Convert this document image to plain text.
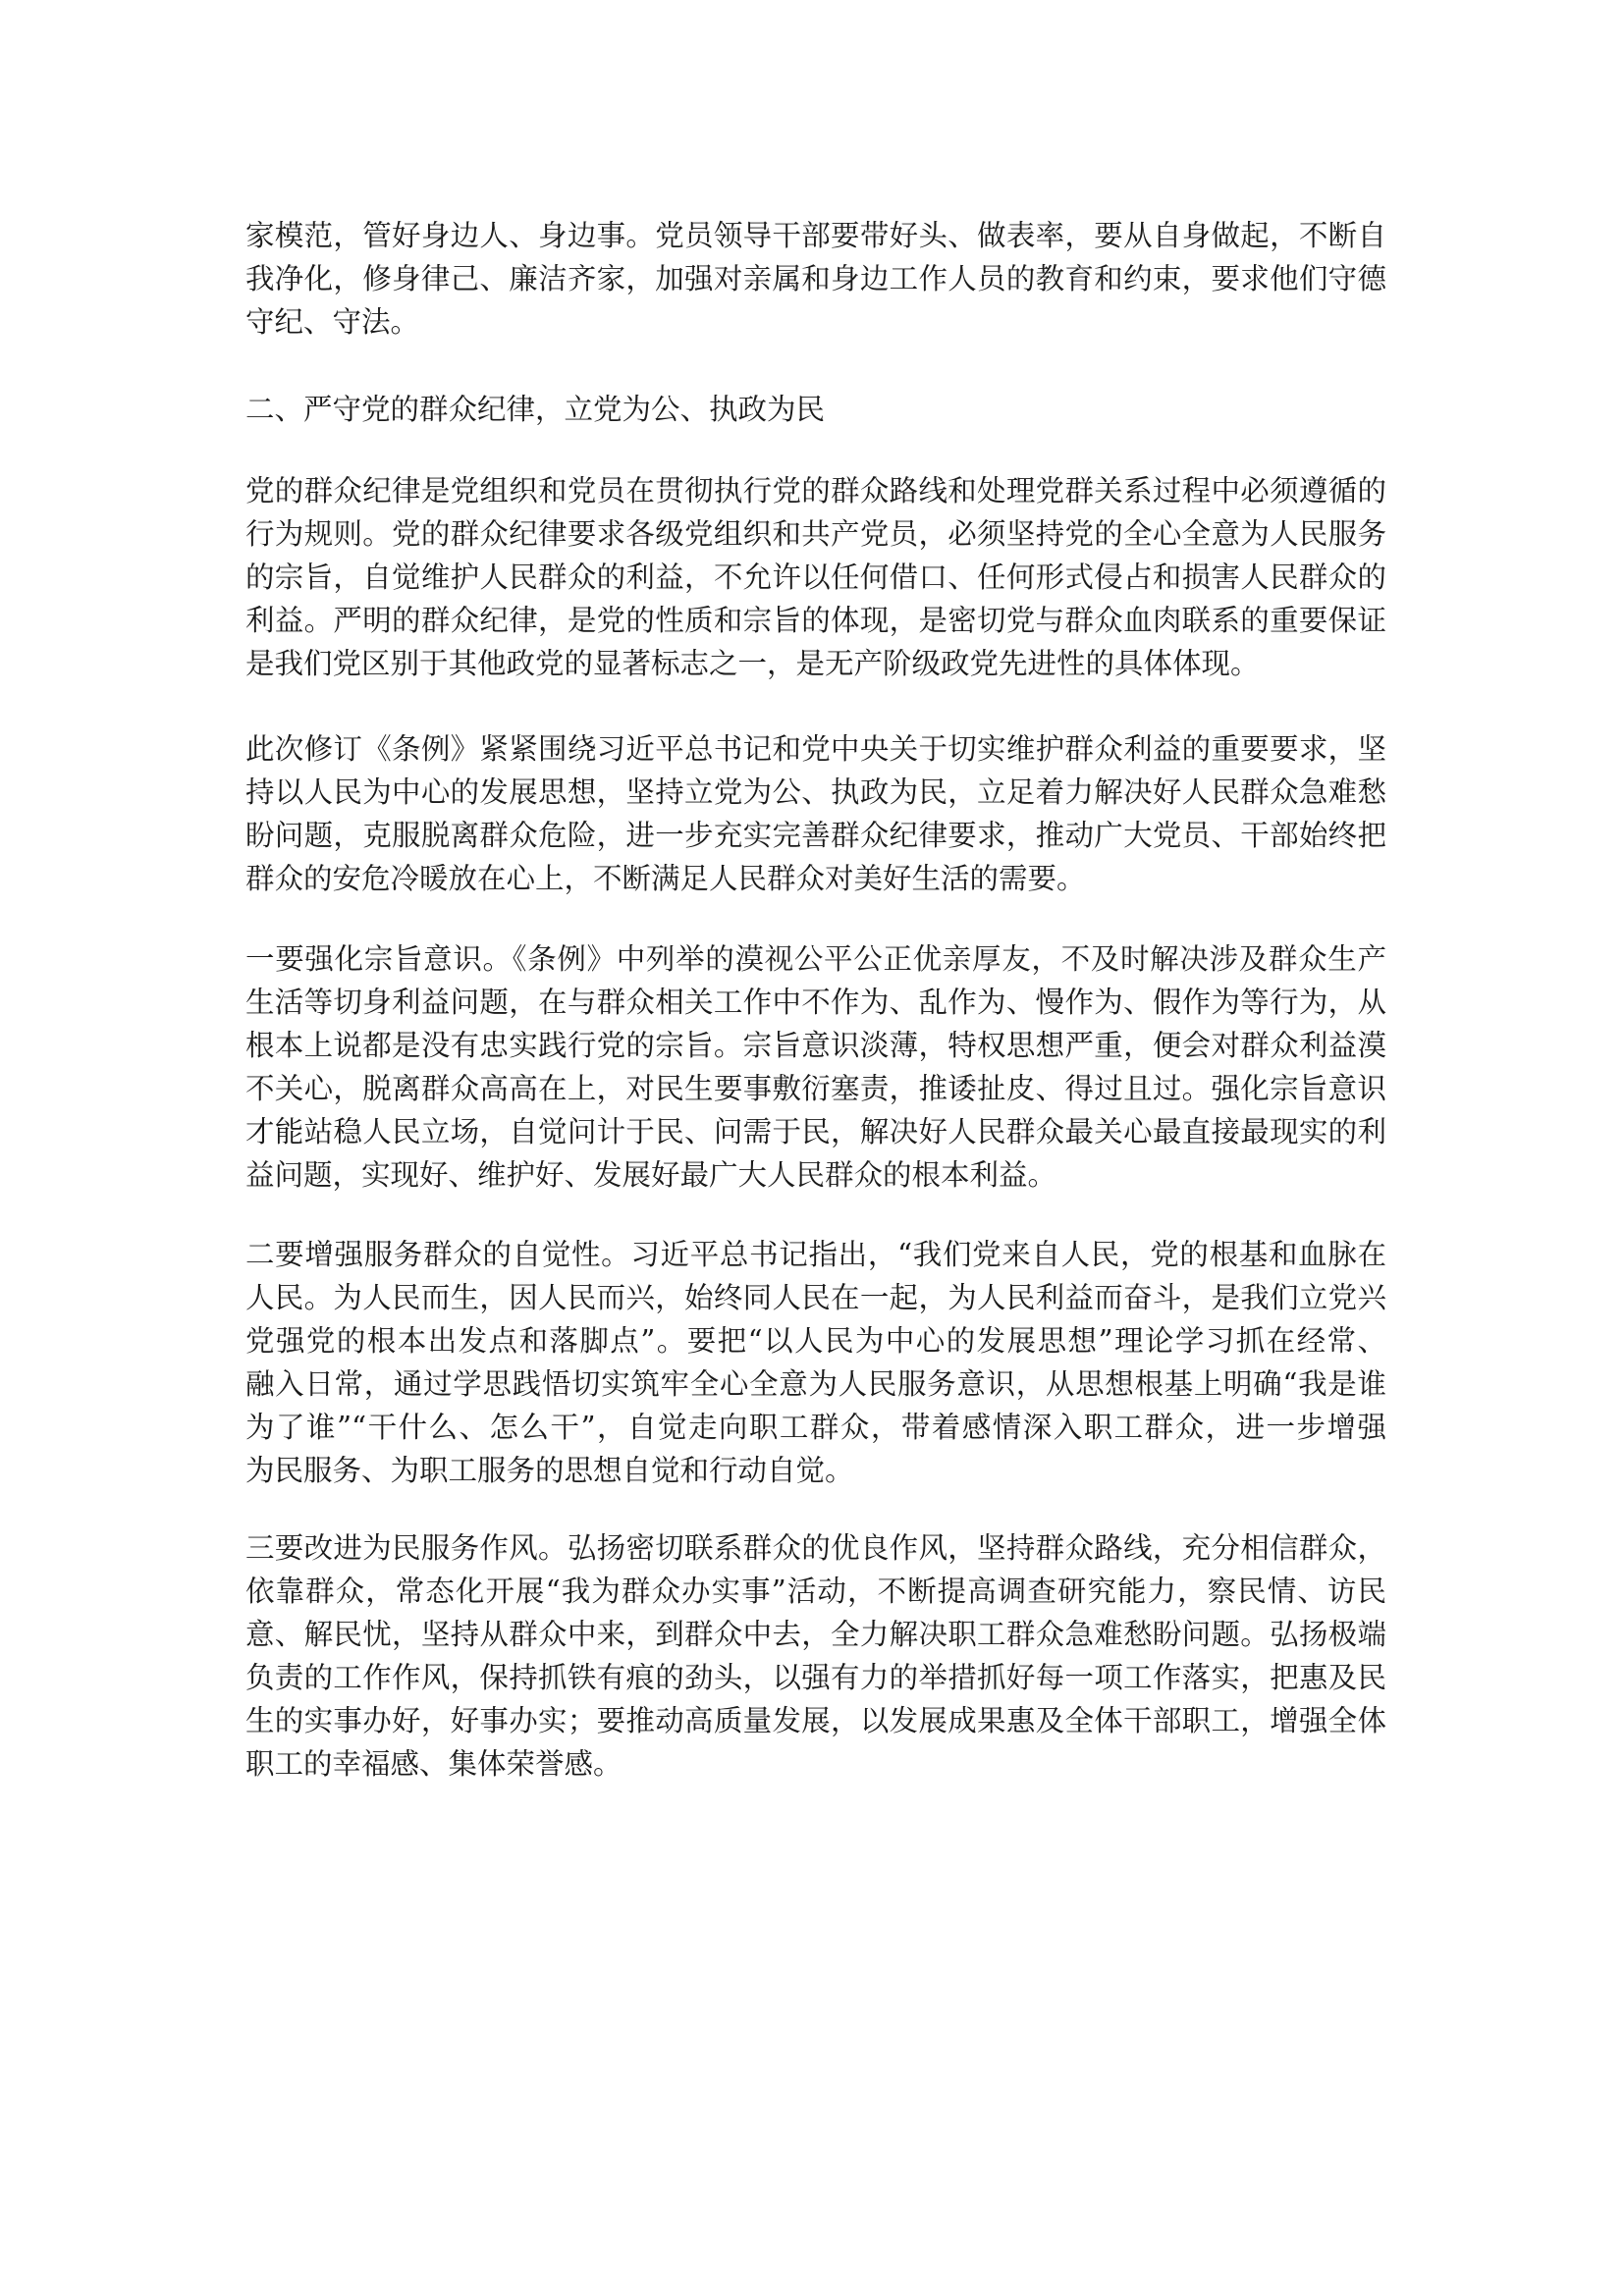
家模范，管好身边人、身边事。党员领导干部要带好头、做表率，要从自身做起，不断自
我净化，修身律己、廉洁齐家，加强对亲属和身边工作人员的教育和约束，要求他们守德
守纪、守法。
二、严守党的群众纪律，立党为公、执政为民
党的群众纪律是党组织和党员在贯彻执行党的群众路线和处理党群关系过程中必须遵循的
行为规则。党的群众纪律要求各级党组织和共产党员，必须坚持党的全心全意为人民服务
的宗旨，自觉维护人民群众的利益，不允许以任何借口、任何形式侵占和损害人民群众的
利益。严明的群众纪律，是党的性质和宗旨的体现，是密切党与群众血肉联系的重要保证
是我们党区别于其他政党的显著标志之一，是无产阶级政党先进性的具体体现。
此次修订《条例》紧紧围绕习近平总书记和党中央关于切实维护群众利益的重要要求，坚
持以人民为中心的发展思想，坚持立党为公、执政为民，立足着力解决好人民群众急难愁
盼问题，克服脱离群众危险，进一步充实完善群众纪律要求，推动广大党员、干部始终把
群众的安危冷暖放在心上，不断满足人民群众对美好生活的需要。
一要强化宗旨意识。《条例》中列举的漠视公平公正优亲厚友，不及时解决涉及群众生产
生活等切身利益问题，在与群众相关工作中不作为、乱作为、慢作为、假作为等行为，从
根本上说都是没有忠实践行党的宗旨。宗旨意识淡薄，特权思想严重，便会对群众利益漠
不关心，脱离群众高高在上，对民生要事敷衍塞责，推诿扯皮、得过且过。强化宗旨意识
才能站稳人民立场，自觉问计于民、问需于民，解决好人民群众最关心最直接最现实的利
益问题，实现好、维护好、发展好最广大人民群众的根本利益。
二要增强服务群众的自觉性。习近平总书记指出，“我们党来自人民，党的根基和血脉在
人民。为人民而生，因人民而兴，始终同人民在一起，为人民利益而奋斗，是我们立党兴
党强党的根本出发点和落脚点”。要把“以人民为中心的发展思想”理论学习抓在经常、
融入日常，通过学思践悟切实筑牢全心全意为人民服务意识，从思想根基上明确“我是谁
为了谁”“干什么、怎么干”，自觉走向职工群众，带着感情深入职工群众，进一步增强
为民服务、为职工服务的思想自觉和行动自觉。
三要改进为民服务作风。弘扬密切联系群众的优良作风，坚持群众路线，充分相信群众，
依靠群众，常态化开展“我为群众办实事”活动，不断提高调查研究能力，察民情、访民
意、解民忧，坚持从群众中来，到群众中去，全力解决职工群众急难愁盼问题。弘扬极端
负责的工作作风，保持抓铁有痕的劲头，以强有力的举措抓好每一项工作落实，把惠及民
生的实事办好，好事办实；要推动高质量发展，以发展成果惠及全体干部职工，增强全体
职工的幸福感、集体荣誉感。
